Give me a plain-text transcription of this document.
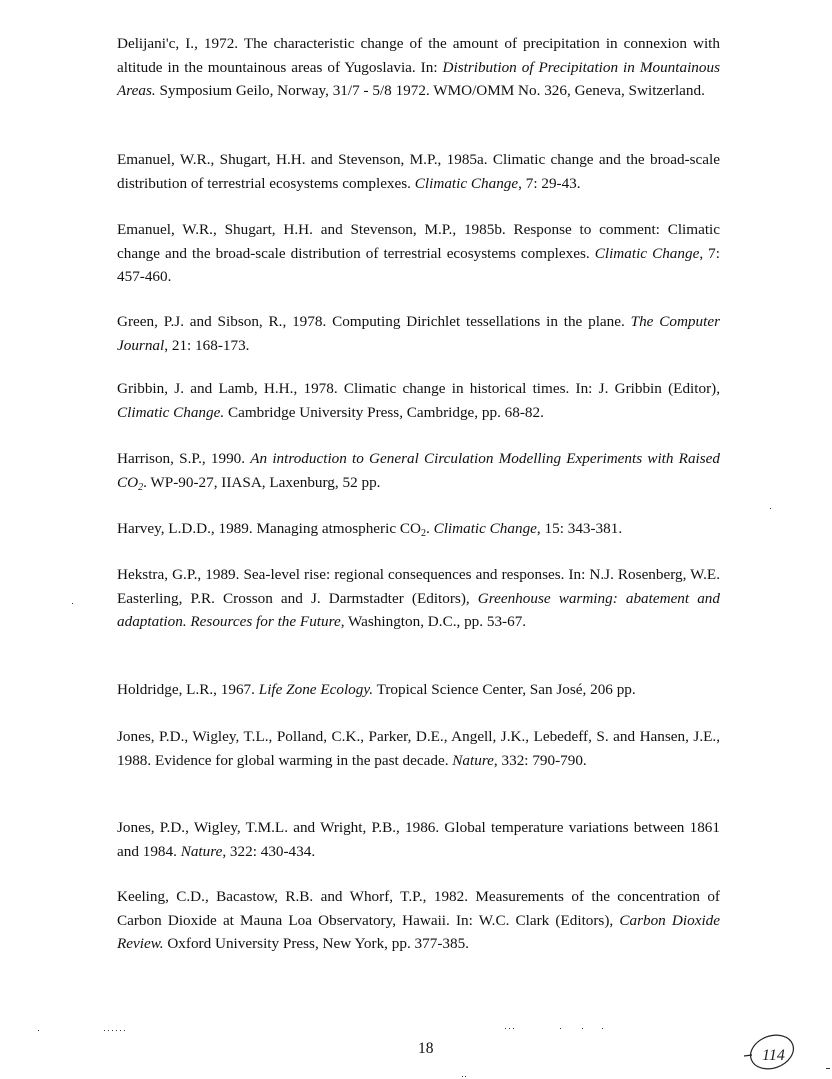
Delijani'c, I., 1972. The characteristic change of the amount of precipitation in connexion with altitude in the mountainous areas of Yugoslavia. In: Distribution of Precipitation in Mountainous Areas. Symposium Geilo, Norway, 31/7 - 5/8 1972. WMO/OMM No. 326, Geneva, Switzerland.
Emanuel, W.R., Shugart, H.H. and Stevenson, M.P., 1985a. Climatic change and the broad-scale distribution of terrestrial ecosystems complexes. Climatic Change, 7: 29-43.
Emanuel, W.R., Shugart, H.H. and Stevenson, M.P., 1985b. Response to comment: Climatic change and the broad-scale distribution of terrestrial ecosystems complexes. Climatic Change, 7: 457-460.
Green, P.J. and Sibson, R., 1978. Computing Dirichlet tessellations in the plane. The Computer Journal, 21: 168-173.
Gribbin, J. and Lamb, H.H., 1978. Climatic change in historical times. In: J. Gribbin (Editor), Climatic Change. Cambridge University Press, Cambridge, pp. 68-82.
Harrison, S.P., 1990. An introduction to General Circulation Modelling Experiments with Raised $CO_2$. WP-90-27, IIASA, Laxenburg, 52 pp.
Harvey, L.D.D., 1989. Managing atmospheric $CO_2$. Climatic Change, 15: 343-381.
Hekstra, G.P., 1989. Sea-level rise: regional consequences and responses. In: N.J. Rosenberg, W.E. Easterling, P.R. Crosson and J. Darmstadter (Editors), Greenhouse warming: abatement and adaptation. Resources for the Future, Washington, D.C., pp. 53-67.
Holdridge, L.R., 1967. Life Zone Ecology. Tropical Science Center, San José, 206 pp.
Jones, P.D., Wigley, T.L., Polland, C.K., Parker, D.E., Angell, J.K., Lebedeff, S. and Hansen, J.E., 1988. Evidence for global warming in the past decade. Nature, 332: 790-790.
Jones, P.D., Wigley, T.M.L. and Wright, P.B., 1986. Global temperature variations between 1861 and 1984. Nature, 322: 430-434.
Keeling, C.D., Bacastow, R.B. and Whorf, T.P., 1982. Measurements of the concentration of Carbon Dioxide at Mauna Loa Observatory, Hawaii. In: W.C. Clark (Editors), Carbon Dioxide Review. Oxford University Press, New York, pp. 377-385.
18	114
